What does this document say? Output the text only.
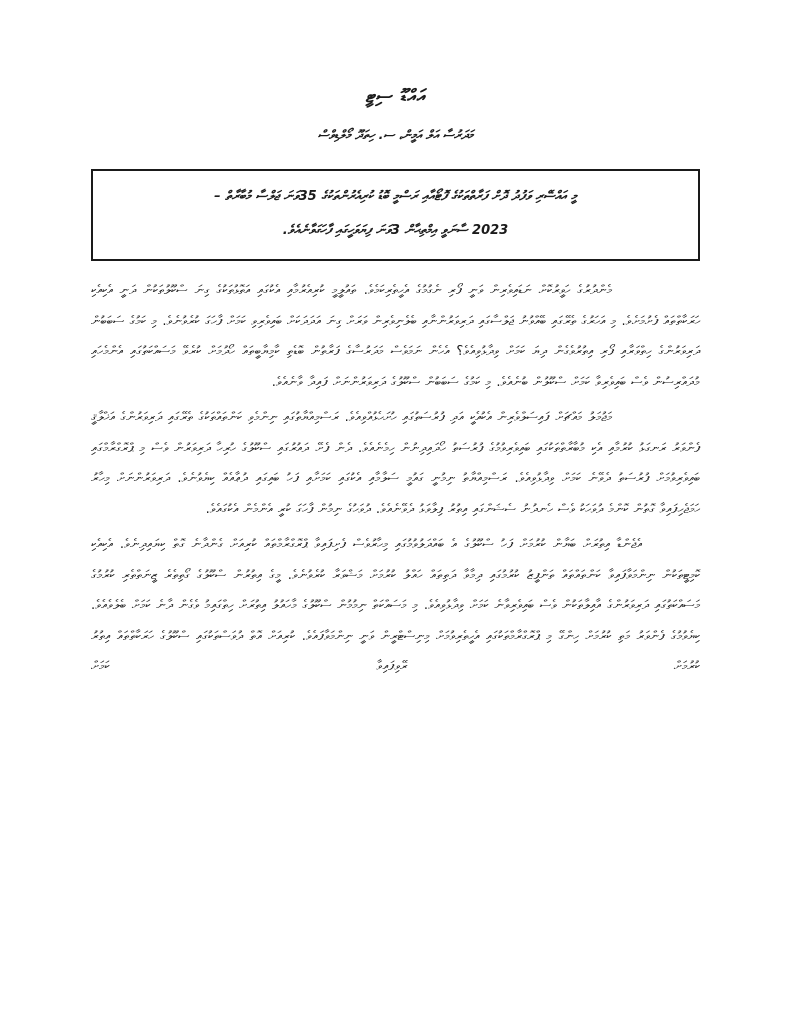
އައްޑޫ ސިޓީ
މަދަރުސާ އަލް އަމީން، ސ. ހިތަދޫ މޯލްޑިވްސް
މީ އައްސޭރި ވަފުދު ދޮށް ފަރާތްތަކުގެ ފޮޓޯއާއި ރަސްމީ ބޮޑު ކުރިއެރުންތަކުގެ 35ވަނަ ޖަލްސާ މުބާރާތް –
2023 ސާނަވީ އިމްތިޙާން 3ވަނަ ފިޔަވަހީގައި ފާހަގަވާނެއެވެ.

މެންދުރުގެ ހަވީރުކޮށް ނަޑައިވެރިން ވަނީ ފޯރި ނެގުމުގެ އެހީތެރިކަމެވެ. ތައުލީމީ ކުރިއެރުމާއި އެކުގައި އަތޮޅުތަކުގެ ގިނަ ސްކޫލުތަކުން ދަނީ އެކިއެކި ހަރަކާތްތައް ފެށުމަށެވެ. މި އަހަރުގެ ތެރޭގައި ބޭއްވުނު ޖަލްސާގައި ދަރިވަރުންނާއި ބެލެނިވެރިން ވަރަށް ގިނަ އަދަދަކަށް ބައިވެރިވި ކަމަށް ފާހަގަ ކުރެވުނެވެ. މި ކަމުގެ ސަބަބުން ދަރިވަރުންގެ ހިތްވަރާއި ފޯރި އިތުރުވެގެން ދިޔަ ކަމަށް ވިދާޅުވިއެވެ؟ އެހެން ނަމަވެސް މަދަރުސާގެ ފަރާތުން ބޮޑެތި ކާމިޔާބީތައް ހޯދުމަށް ކުރެވޭ މަސައްކަތުގައި އެންމެހައި މުދައްރިސުން ވެސް ބައިވެރިވާ ކަމަށް ސްކޫލުން ބުނެއެވެ. މި ކަމުގެ ސަބަބުން ސްކޫލުގެ ދަރިވަރުންނަށް ފައިދާ ވާނެއެވެ.

މަޖުމަލު މައްޗަށް ފައިސަލްވެރިން އެކުއެކީ އަދި ފުރުސަތުގައި ހުށަހެޅުއްވިއެވެ. ރަސްމިއްޔާތުގައި ނިންމެވި ކަންތައްތަކުގެ ތެރޭގައި ދަރިވަރުންގެ އަޚްލާޤީ ފެންވަރު ރަނގަޅު ކުރުމާއި އެކި މުބާރާތްތަކުގައި ބައިވެރިވުމުގެ ފުރުސަތު ހޯދައިދިނުން ހިމެނެއެވެ. ދެން ފެށޭ ދައުރުގައި ސްކޫލުގެ ހުރިހާ ދަރިވަރުން ވެސް މި ޕްރޮގްރާމްގައި ބައިވެރިވުމަށް ފުރުސަތު ދެވޭނެ ކަމަށް ވިދާޅުވިއެވެ. ރަސްމިއްޔާތު ނިމުނީ ގައުމީ ސަލާމާއި އެކުގައި ކަމަށާއި ފަހު ބައިގައި ދުޢާއެއް ކިޔެވުނެވެ. ދަރިވަރުންނަށް މިހާރު ހަމަޖެހިފައިވާ ގޮތުން ކޮންމެ ދުވަހަކު ވެސް ހެނދުނު ސެޝަންގައި އިތުރު ފިލާވަޅު ދެވޭނެއެވެ. ދުވަހުގެ ނިމުން ފާހަގަ ކުރީ އެންމެން އެކުގައެވެ.

އެޖެންޑާ އިތުރަށް ބަޔާން ކުރުމަށް ފަހު ސްކޫލުގެ އެ ބައްދަލުވުމުގައި މިހާރުވެސް ފެށިފައިވާ ޕްރޮގްރާމްތައް ކުރިއަށް ގެންދާނެ ގޮތް ކިޔައިދިނެވެ. އެކިއެކި ކޮމިޓީތަކުން ނިންމަވާފައިވާ ކަންތައްތައް ތަންފީޒު ކުރުމުގައި ދިމާވާ ދަތިތައް ހައްލު ކުރުމަށް މަޝްވަރާ ކުރެވުނެވެ. މީގެ އިތުރުން ސްކޫލުގެ ގޯތިތެރެ ޒީނަތްތެރި ކުރުމުގެ މަސައްކަތުގައި ދަރިވަރުންގެ އާއިލާތަކުން ވެސް ބައިވެރިވާނެ ކަމަށް ވިދާޅުވިއެވެ. މި މަސައްކަތް ނިމުމުން ސްކޫލުގެ މާހައުލު އިތުރަށް ހިތްގައިމު ވެގެން ދާނެ ކަމަށް ބެލެވެއެވެ. ކިޔެވުމުގެ ފެންވަރު މަތި ކުރުމަށް ހިންގޭ މި ޕްރޮގްރާމްތަކުގައި އެހީތެރިވުމަށް މިނިސްޓްރީން ވަނީ ނިންމަވާފައެވެ. ކުރިއަށް އޮތް ދުވަސްތަކުގައި ސްކޫލުގެ ހަރަކާތްތައް އިތުރު ކުރުމަށް ރޭވިފައިވާ ކަމަށް
